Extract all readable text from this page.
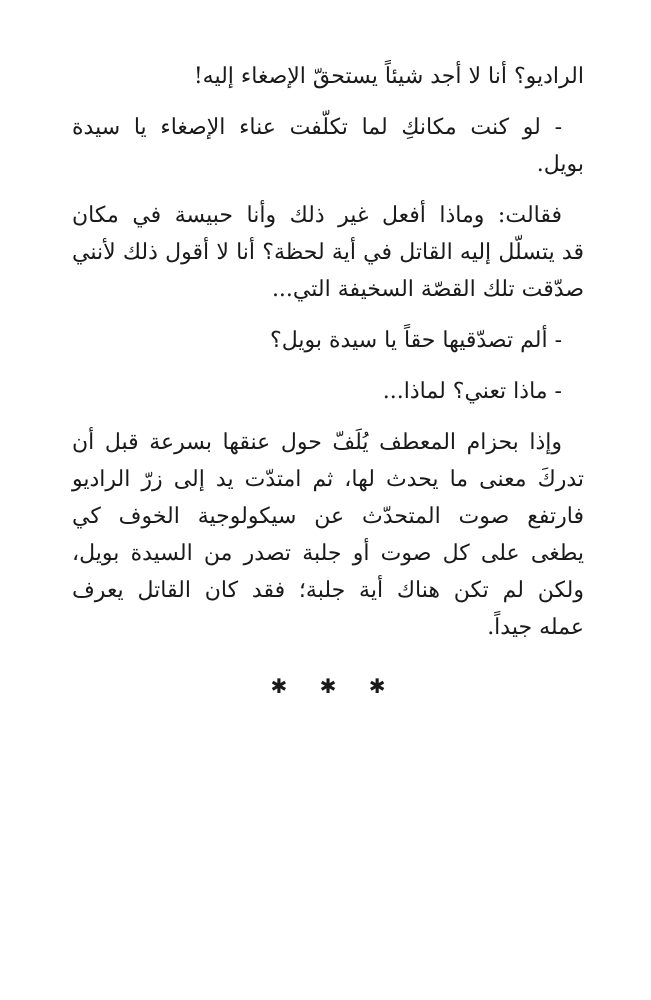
الراديو؟ أنا لا أجد شيئاً يستحقّ الإصغاء إليه!

- لو كنت مكانكِ لما تكلّفت عناء الإصغاء يا سيدة
بويل.

فقالت: وماذا أفعل غير ذلك وأنا حبيسة في مكان
قد يتسلّل إليه القاتل في أية لحظة؟ أنا لا أقول ذلك لأنني
صدّقت تلك القصّة السخيفة التي...

- ألم تصدّقيها حقاً يا سيدة بويل؟

- ماذا تعني؟ لماذا...

وإذا بحزام المعطف يُلَفّ حول عنقها بسرعة قبل أن
تدركَ معنى ما يحدث لها، ثم امتدّت يد إلى زرّ الراديو
فارتفع صوت المتحدّث عن سيكولوجية الخوف كي
يطغى على كل صوت أو جلبة تصدر من السيدة بويل،
ولكن لم تكن هناك أية جلبة؛ فقد كان القاتل يعرف
عمله جيداً.

✱ ✱ ✱
